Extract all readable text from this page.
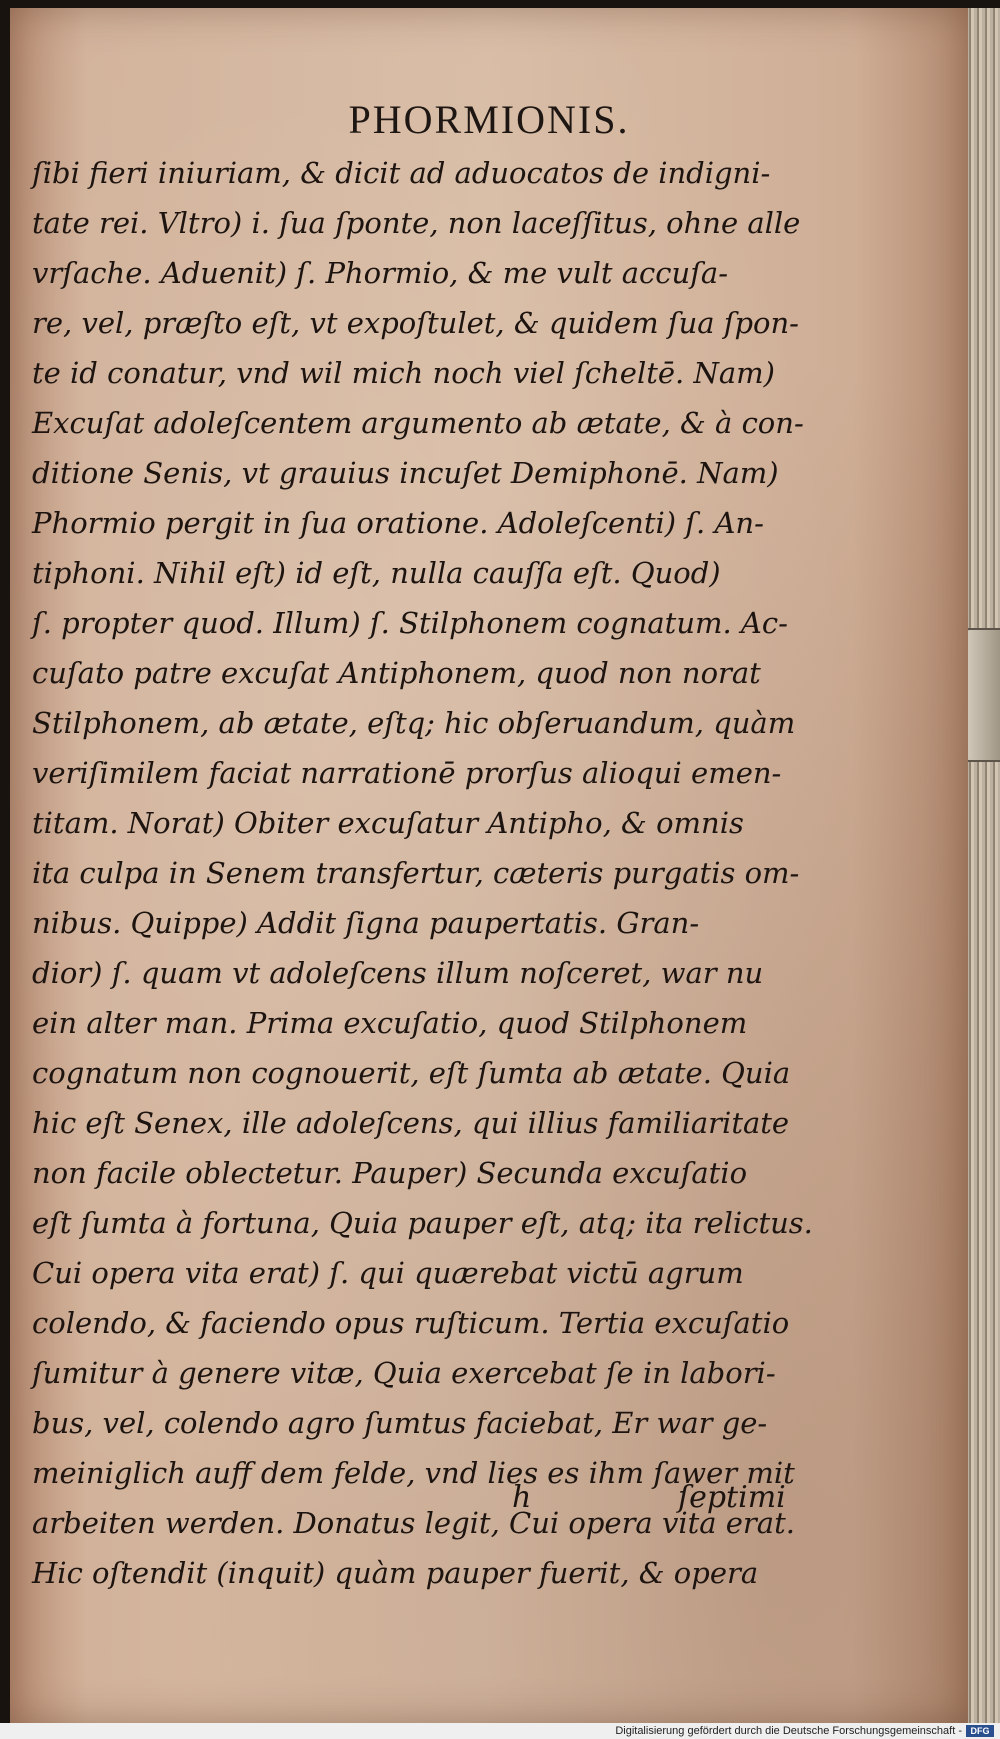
PHORMIONIS.
ſibi fieri iniuriam, & dicit ad aduocatos de indigni-
tate rei. Vltro) i. ſua ſponte, non laceſſitus, ohne alle
vrſache. Aduenit) ſ. Phormio, & me vult accuſa-
re, vel, præſto eſt, vt expoſtulet, & quidem ſua ſpon-
te id conatur, vnd wil mich noch viel ſcheltē. Nam)
Excuſat adoleſcentem argumento ab ætate, & à con-
ditione Senis, vt grauius incuſet Demiphonē. Nam)
Phormio pergit in ſua oratione. Adoleſcenti) ſ. An-
tiphoni. Nihil eſt) id eſt, nulla cauſſa eſt. Quod)
ſ. propter quod. Illum) ſ. Stilphonem cognatum. Ac-
cuſato patre excuſat Antiphonem, quod non norat
Stilphonem, ab ætate, eſtq; hic obſeruandum, quàm
veriſimilem faciat narrationē prorſus alioqui emen-
titam. Norat) Obiter excuſatur Antipho, & omnis
ita culpa in Senem transfertur, cæteris purgatis om-
nibus. Quippe) Addit ſigna paupertatis. Gran-
dior) ſ. quam vt adoleſcens illum noſceret, war nu
ein alter man. Prima excuſatio, quod Stilphonem
cognatum non cognouerit, eſt ſumta ab ætate. Quia
hic eſt Senex, ille adoleſcens, qui illius familiaritate
non facile oblectetur. Pauper) Secunda excuſatio
eſt ſumta à fortuna, Quia pauper eſt, atq; ita relictus.
Cui opera vita erat) ſ. qui quærebat victū agrum
colendo, & faciendo opus ruſticum. Tertia excuſatio
ſumitur à genere vitæ, Quia exercebat ſe in labori-
bus, vel, colendo agro ſumtus faciebat, Er war ge-
meiniglich auff dem felde, vnd lies es ihm ſawer mit
arbeiten werden. Donatus legit, Cui opera vita erat.
Hic oſtendit (inquit) quàm pauper fuerit, & opera
h	ſeptimi
Digitalisierung gefördert durch die Deutsche Forschungsgemeinschaft - DFG
